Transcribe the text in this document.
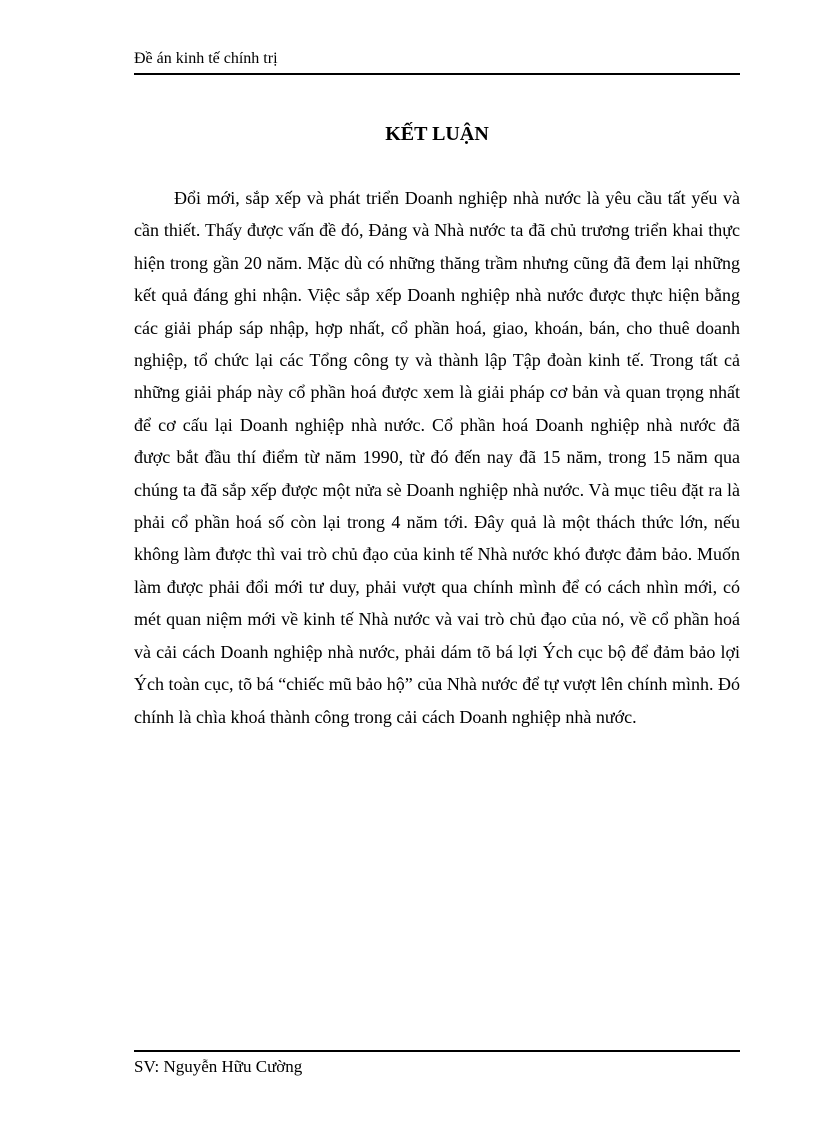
Đề án kinh tế chính trị
KẾT LUẬN

Đổi mới, sắp xếp và phát triển Doanh nghiệp nhà nước là yêu cầu tất yếu và cần thiết. Thấy được vấn đề đó, Đảng và Nhà nước ta đã chủ trương triển khai thực hiện trong gần 20 năm. Mặc dù có những thăng trầm nhưng cũng đã đem lại những kết quả đáng ghi nhận. Việc sắp xếp Doanh nghiệp nhà nước được thực hiện bằng các giải pháp sáp nhập, hợp nhất, cổ phần hoá, giao, khoán, bán, cho thuê doanh nghiệp, tổ chức lại các Tổng công ty và thành lập Tập đoàn kinh tế. Trong tất cả những giải pháp này cổ phần hoá được xem là giải pháp cơ bản và quan trọng nhất để cơ cấu lại Doanh nghiệp nhà nước. Cổ phần hoá Doanh nghiệp nhà nước đã được bắt đầu thí điểm từ năm 1990, từ đó đến nay đã 15 năm, trong 15 năm qua chúng ta đã sắp xếp được một nửa sè Doanh nghiệp nhà nước. Và mục tiêu đặt ra là phải cổ phần hoá số còn lại trong 4 năm tới. Đây quả là một thách thức lớn, nếu không làm được thì vai trò chủ đạo của kinh tế Nhà nước khó được đảm bảo. Muốn làm được phải đổi mới tư duy, phải vượt qua chính mình để có cách nhìn mới, có mét quan niệm mới về kinh tế Nhà nước và vai trò chủ đạo của nó, về cổ phần hoá và cải cách Doanh nghiệp nhà nước, phải dám tõ bá lợi Ých cục bộ để đảm bảo lợi Ých toàn cục, tõ bá “chiếc mũ bảo hộ” của Nhà nước để tự vượt lên chính mình. Đó chính là chìa khoá thành công trong cải cách Doanh nghiệp nhà nước.

SV: Nguyễn Hữu Cường
